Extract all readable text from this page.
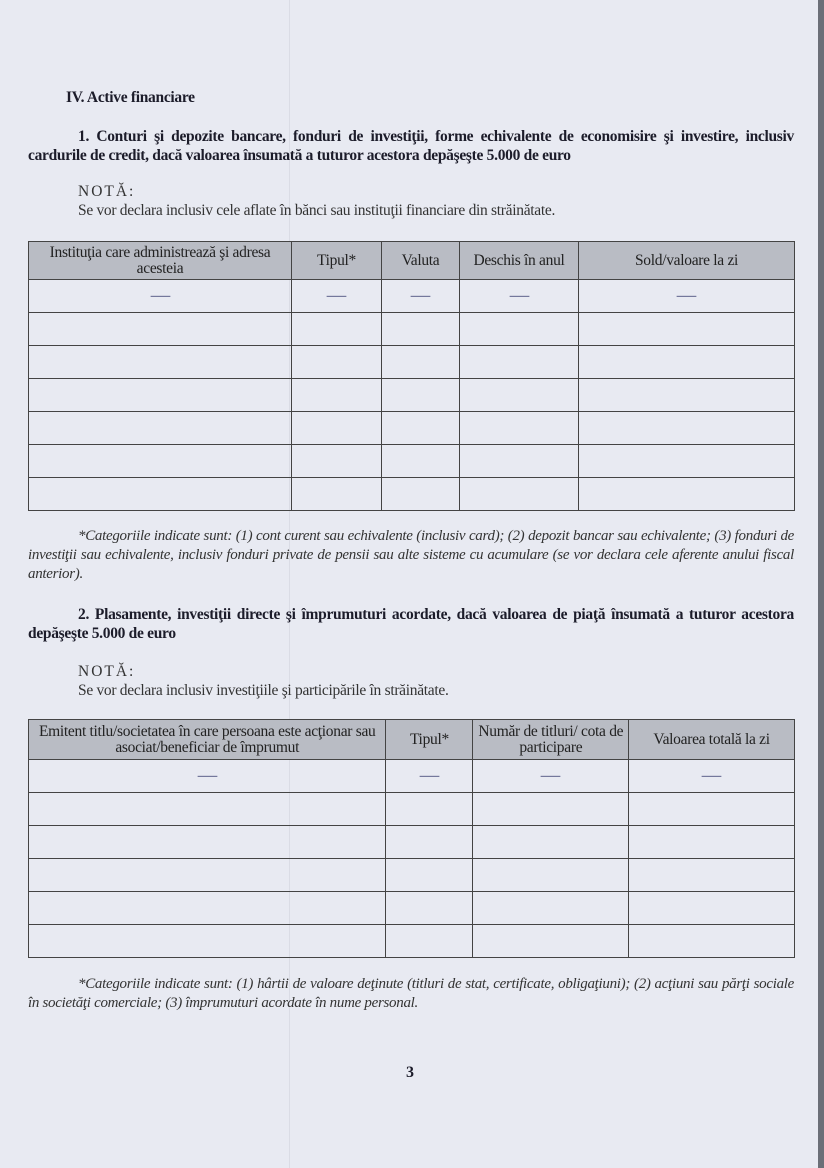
IV. Active financiare
1. Conturi şi depozite bancare, fonduri de investiţii, forme echivalente de economisire şi investire, inclusiv cardurile de credit, dacă valoarea însumată a tuturor acestora depăşeşte 5.000 de euro
NOTĂ:
Se vor declara inclusiv cele aflate în bănci sau instituţii financiare din străinătate.
Instituţia care administrează şi adresa acesteia	Tipul*	Valuta	Deschis în anul	Sold/valoare la zi
—	—	—	—	—

*Categoriile indicate sunt: (1) cont curent sau echivalente (inclusiv card); (2) depozit bancar sau echivalente; (3) fonduri de investiţii sau echivalente, inclusiv fonduri private de pensii sau alte sisteme cu acumulare (se vor declara cele aferente anului fiscal anterior).
2. Plasamente, investiţii directe şi împrumuturi acordate, dacă valoarea de piaţă însumată a tuturor acestora depăşeşte 5.000 de euro
NOTĂ:
Se vor declara inclusiv investiţiile şi participările în străinătate.
Emitent titlu/societatea în care persoana este acţionar sau asociat/beneficiar de împrumut	Tipul*	Număr de titluri/ cota de participare	Valoarea totală la zi
—	—	—	—

*Categoriile indicate sunt: (1) hârtii de valoare deţinute (titluri de stat, certificate, obligaţiuni); (2) acţiuni sau părţi sociale în societăţi comerciale; (3) împrumuturi acordate în nume personal.
3
